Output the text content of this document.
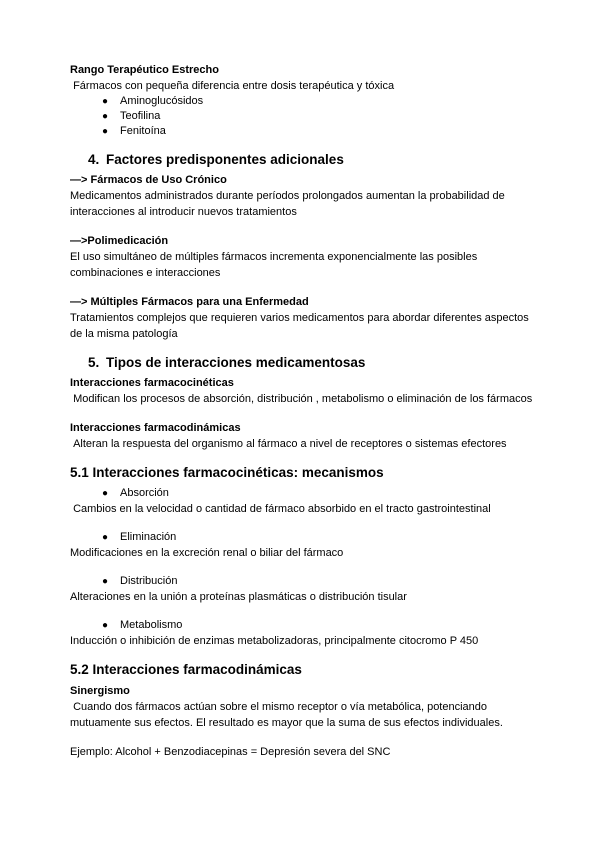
Rango Terapéutico Estrecho
Fármacos con pequeña diferencia entre dosis terapéutica y tóxica
●	Aminoglucósidos
●	Teofilina
●	Fenitoína
4. Factores predisponentes adicionales
—> Fármacos de Uso Crónico
Medicamentos administrados durante períodos prolongados aumentan la probabilidad de interacciones al introducir nuevos tratamientos
—>Polimedicación
El uso simultáneo de múltiples fármacos incrementa exponencialmente las posibles combinaciones e interacciones
—> Múltiples Fármacos para una Enfermedad
Tratamientos complejos que requieren varios medicamentos para abordar diferentes aspectos de la misma patología
5. Tipos de interacciones medicamentosas
Interacciones farmacocinéticas
Modifican los procesos de absorción, distribución , metabolismo o eliminación de los fármacos
Interacciones farmacodinámicas
Alteran la respuesta del organismo al fármaco a nivel de receptores o sistemas efectores
5.1 Interacciones farmacocinéticas: mecanismos
●	Absorción
Cambios en la velocidad o cantidad de fármaco absorbido en el tracto gastrointestinal
●	Eliminación
Modificaciones en la excreción renal o biliar del fármaco
●	Distribución
Alteraciones en la unión a proteínas plasmáticas o distribución tisular
●	Metabolismo
Inducción o inhibición de enzimas metabolizadoras, principalmente citocromo P 450
5.2 Interacciones farmacodinámicas
Sinergismo
Cuando dos fármacos actúan sobre el mismo receptor o vía metabólica, potenciando mutuamente sus efectos. El resultado es mayor que la suma de sus efectos individuales.
Ejemplo: Alcohol + Benzodiacepinas = Depresión severa del SNC
